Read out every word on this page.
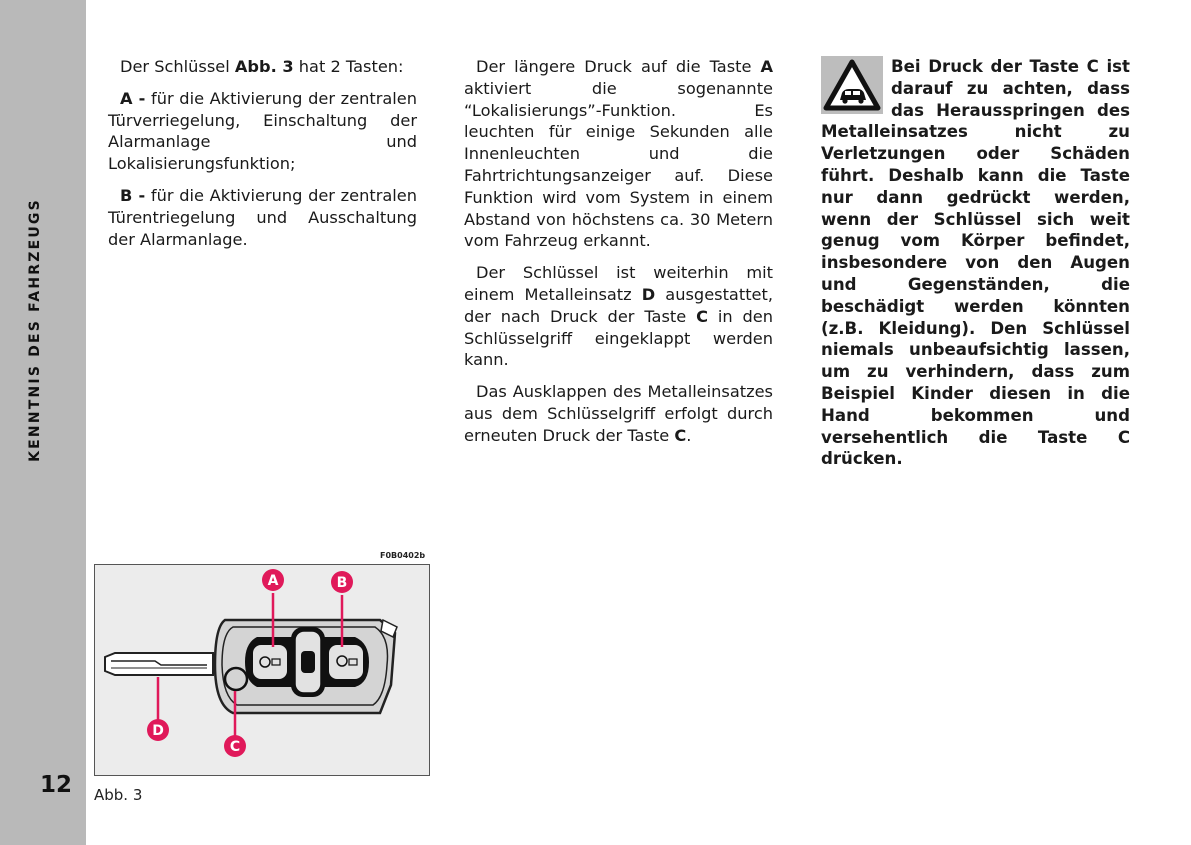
KENNTNIS DES FAHRZEUGS
12

Der Schlüssel Abb. 3 hat 2 Tasten:

A - für die Aktivierung der zentralen Türverriegelung, Einschaltung der Alarmanlage und Lokalisierungsfunktion;

B - für die Aktivierung der zentralen Türentriegelung und Ausschaltung der Alarmanlage.

Der längere Druck auf die Taste A aktiviert die sogenannte “Lokalisierungs”-Funktion. Es leuchten für einige Sekunden alle Innenleuchten und die Fahrtrichtungsanzeiger auf. Diese Funktion wird vom System in einem Abstand von höchstens ca. 30 Metern vom Fahrzeug erkannt.

Der Schlüssel ist weiterhin mit einem Metalleinsatz D ausgestattet, der nach Druck der Taste C in den Schlüsselgriff eingeklappt werden kann.

Das Ausklappen des Metalleinsatzes aus dem Schlüsselgriff erfolgt durch erneuten Druck der Taste C.

Bei Druck der Taste C ist darauf zu achten, dass das Herausspringen des Metalleinsatzes nicht zu Verletzungen oder Schäden führt. Deshalb kann die Taste nur dann gedrückt werden, wenn der Schlüssel sich weit genug vom Körper befindet, insbesondere von den Augen und Gegenständen, die beschädigt werden könnten (z.B. Kleidung). Den Schlüssel niemals unbeaufsichtig lassen, um zu verhindern, dass zum Beispiel Kinder diesen in die Hand bekommen und versehentlich die Taste C drücken.

F0B0402b
A	B
C
D
Abb. 3
